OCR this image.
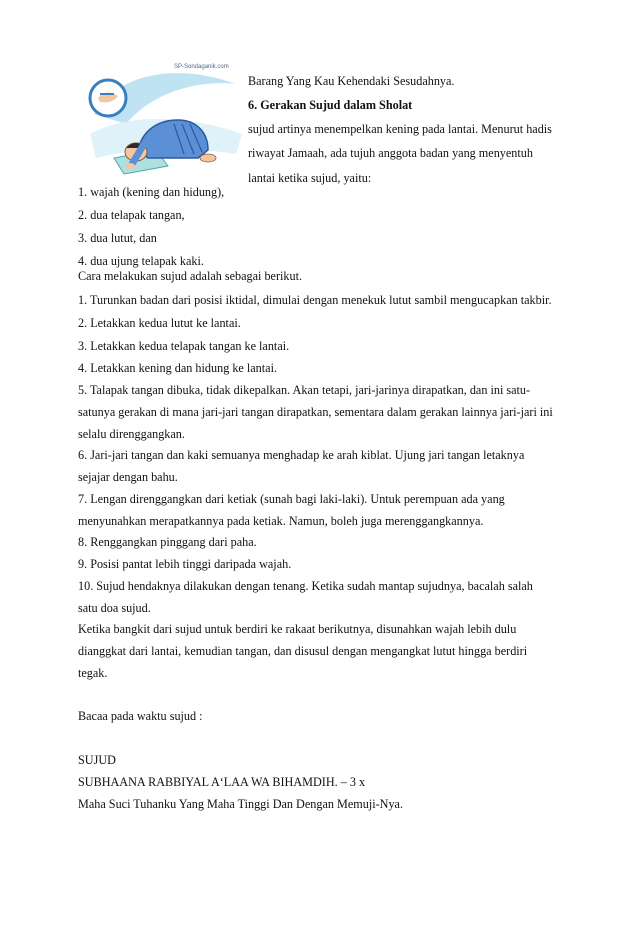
SP-Sondaganik.com
Barang Yang Kau Kehendaki Sesudahnya.
6. Gerakan Sujud dalam Sholat
sujud artinya menempelkan kening pada lantai. Menurut hadis
riwayat Jamaah, ada tujuh anggota badan yang menyentuh
lantai ketika sujud, yaitu:
1. wajah (kening dan hidung),
2. dua telapak tangan,
3. dua lutut, dan
4. dua ujung telapak kaki.
Cara melakukan sujud adalah sebagai berikut.
1. Turunkan badan dari posisi iktidal, dimulai dengan menekuk lutut sambil mengucapkan takbir.
2. Letakkan kedua lutut ke lantai.
3. Letakkan kedua telapak tangan ke lantai.
4. Letakkan kening dan hidung ke lantai.
5. Talapak tangan dibuka, tidak dikepalkan. Akan tetapi, jari-jarinya dirapatkan, dan ini satu-
satunya gerakan di mana jari-jari tangan dirapatkan, sementara dalam gerakan lainnya jari-jari ini
selalu direnggangkan.
6. Jari-jari tangan dan kaki semuanya menghadap ke arah kiblat. Ujung jari tangan letaknya
sejajar dengan bahu.
7. Lengan direnggangkan dari ketiak (sunah bagi laki-laki). Untuk perempuan ada yang
menyunahkan merapatkannya pada ketiak. Namun, boleh juga merenggangkannya.
8. Renggangkan pinggang dari paha.
9. Posisi pantat lebih tinggi daripada wajah.
10. Sujud hendaknya dilakukan dengan tenang. Ketika sudah mantap sujudnya, bacalah salah
satu doa sujud.
Ketika bangkit dari sujud untuk berdiri ke rakaat berikutnya, disunahkan wajah lebih dulu
dianggkat dari lantai, kemudian tangan, dan disusul dengan mengangkat lutut hingga berdiri
tegak.
Bacaa pada waktu sujud :
SUJUD
SUBHAANA RABBIYAL A‘LAA WA BIHAMDIH. – 3 x
Maha Suci Tuhanku Yang Maha Tinggi Dan Dengan Memuji-Nya.
